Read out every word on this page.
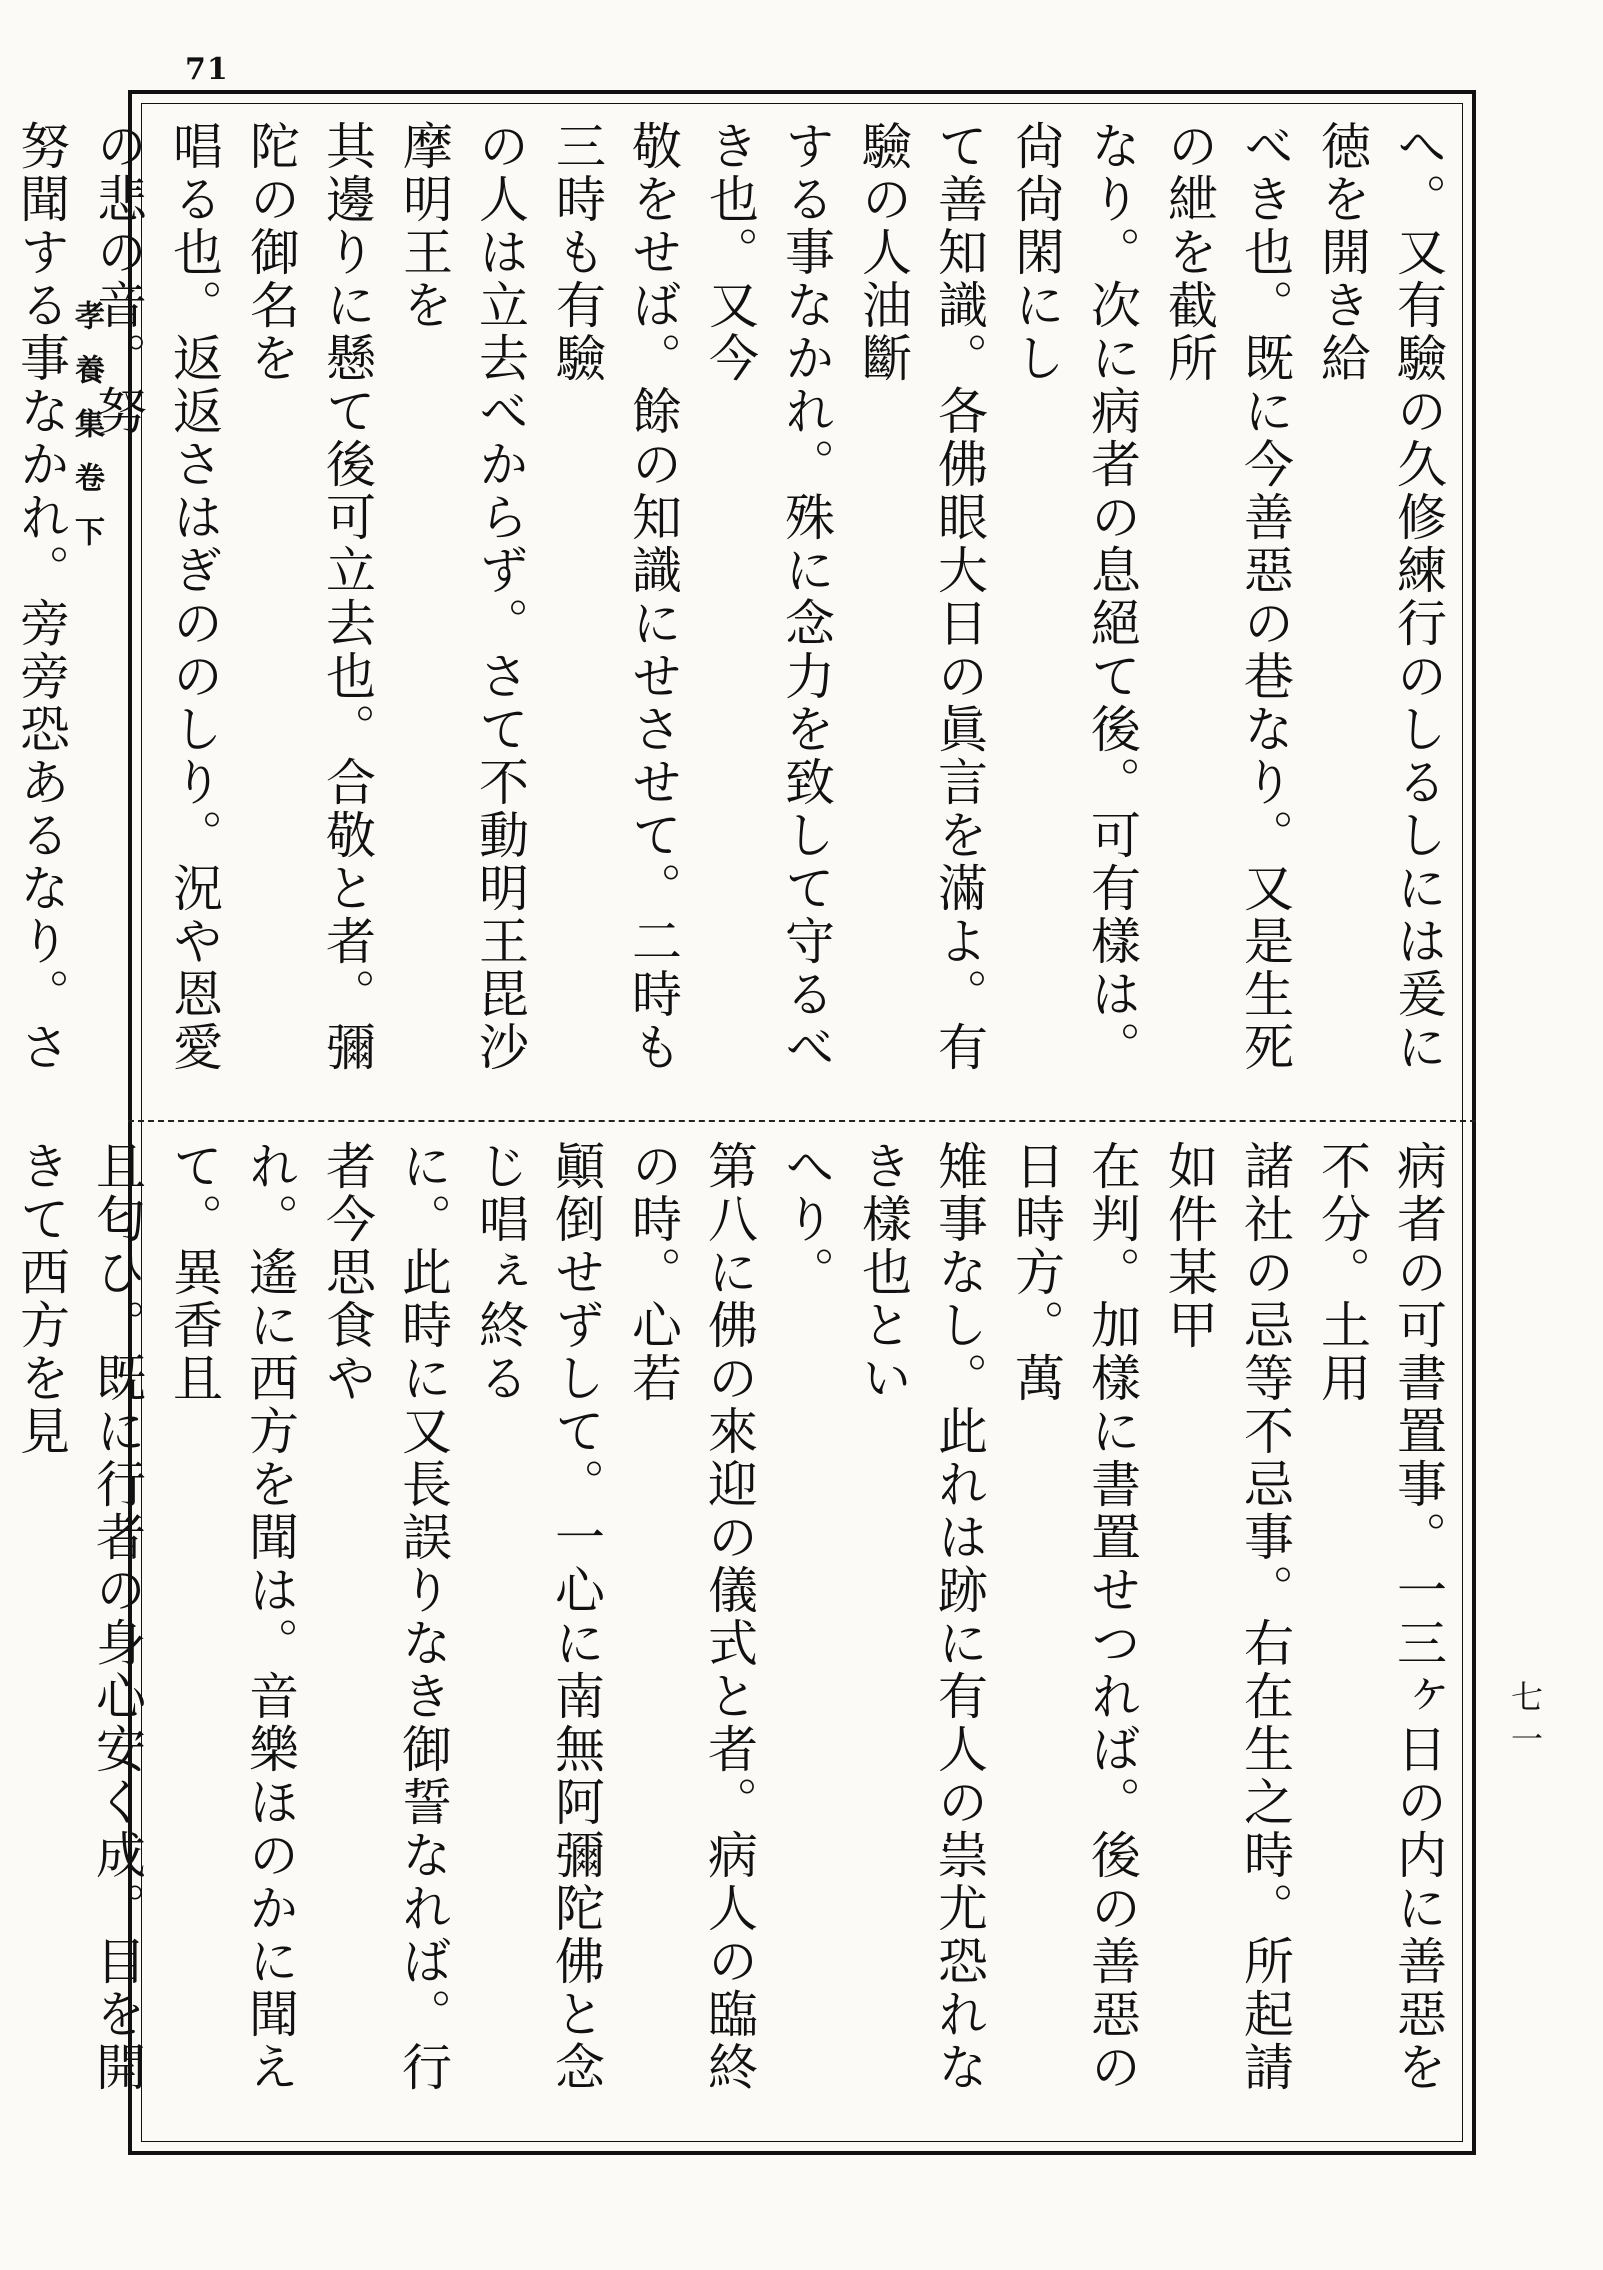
71
孝養集卷下
七一
へ。又有驗の久修練行のしるしには爰に徳を開き給
べき也。既に今善惡の巷なり。又是生死の紲を截所
なり。次に病者の息絕て後。可有樣は。尙尙閑にし
て善知識。各佛眼大日の眞言を滿よ。有驗の人油斷
する事なかれ。殊に念力を致して守るべき也。又今
敬をせば。餘の知識にせさせて。二時も三時も有驗
の人は立去べからず。さて不動明王毘沙摩明王を
其邊りに懸て後可立去也。合敬と者。彌陀の御名を
唱る也。返返さはぎののしり。況や恩愛の悲の音。努
努聞する事なかれ。旁旁恐あるなり。さ
病者の可書置事。一三ヶ日の内に善惡を不分。土用
諸社の忌等不忌事。右在生之時。所起請如件某甲
在判。加樣に書置せつれば。後の善惡の日時方。萬
雉事なし。此れは跡に有人の祟尤恐れなき樣也とい
へり。
第八に佛の來迎の儀式と者。病人の臨終の時。心若
顚倒せずして。一心に南無阿彌陀佛と念じ唱ぇ終る
に。此時に又長誤りなき御誓なれば。行者今思食や
れ。遙に西方を聞は。音樂ほのかに聞えて。異香且
且匂ひ。既に行者の身心安く成。目を開きて西方を見
